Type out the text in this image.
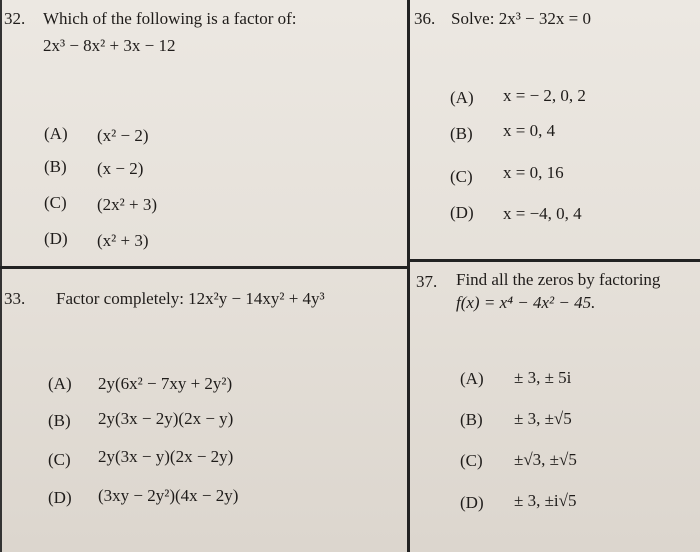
32. Which of the following is a factor of:
2x³ − 8x² + 3x − 12
(A) (x² − 2)
(B) (x − 2)
(C) (2x² + 3)
(D) (x² + 3)
33. Factor completely: 12x²y − 14xy² + 4y³
(A) 2y(6x² − 7xy + 2y²)
(B) 2y(3x − 2y)(2x − y)
(C) 2y(3x − y)(2x − 2y)
(D) (3xy − 2y²)(4x − 2y)
36. Solve: 2x³ − 32x = 0
(A) x = − 2, 0, 2
(B) x = 0, 4
(C) x = 0, 16
(D) x = −4, 0, 4
37. Find all the zeros by factoring
f(x) = x⁴ − 4x² − 45.
(A) ± 3, ± 5i
(B) ± 3, ±√5
(C) ±√3, ±√5
(D) ± 3, ±i√5
